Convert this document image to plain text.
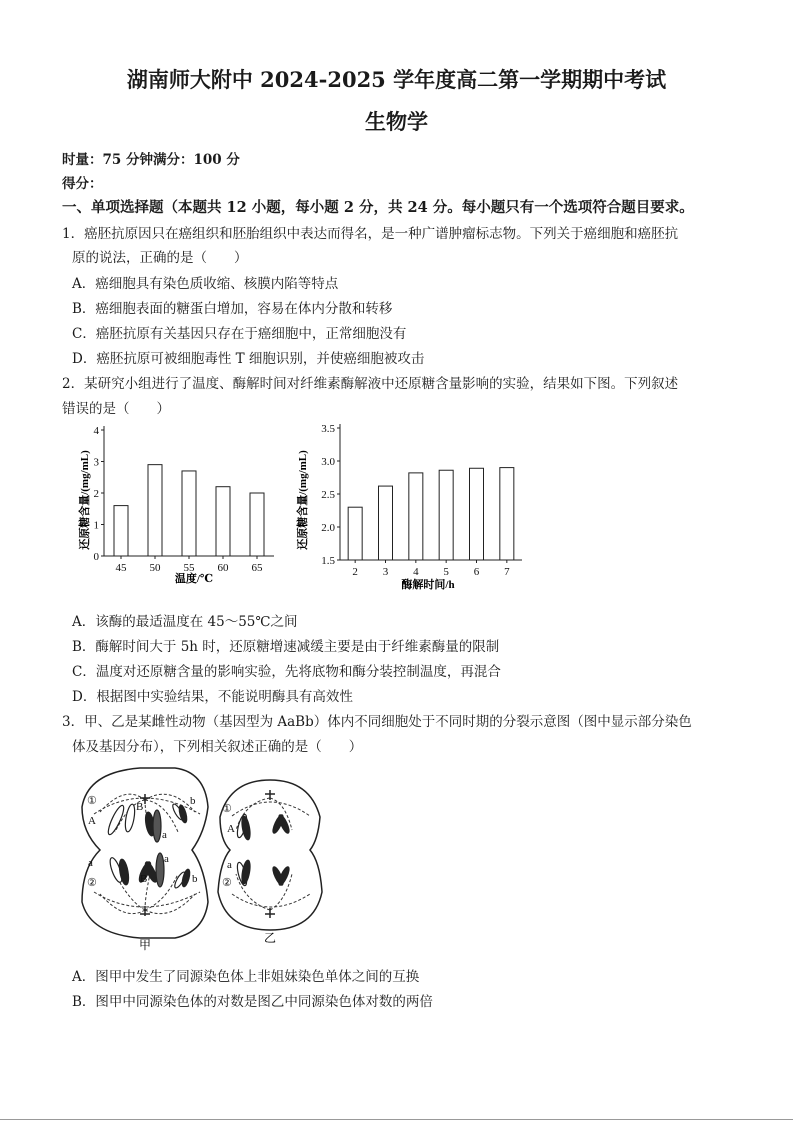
湖南师大附中 2024-2025 学年度高二第一学期期中考试
生物学
时量：75 分钟满分：100 分
得分：
一、单项选择题（本题共 12 小题，每小题 2 分，共 24 分。每小题只有一个选项符合题目要求。
1．癌胚抗原因只在癌组织和胚胎组织中表达而得名，是一种广谱肿瘤标志物。下列关于癌细胞和癌胚抗
原的说法，正确的是（　　）
A．癌细胞具有染色质收缩、核膜内陷等特点
B．癌细胞表面的糖蛋白增加，容易在体内分散和转移
C．癌胚抗原有关基因只存在于癌细胞中，正常细胞没有
D．癌胚抗原可被细胞毒性 T 细胞识别，并使癌细胞被攻击
2．某研究小组进行了温度、酶解时间对纤维素酶解液中还原糖含量影响的实验，结果如下图。下列叙述
错误的是（　　）
还原糖含量/(mg/mL)
温度/℃
0
1
2
3
4
45 50 55 60 65
还原糖含量/(mg/mL)
酶解时间/h
1.5
2.0
2.5
3.0
3.5
2 3 4 5 6 7
A．该酶的最适温度在 45～55℃之间
B．酶解时间大于 5h 时，还原糖增速减缓主要是由于纤维素酶量的限制
C．温度对还原糖含量的影响实验，先将底物和酶分装控制温度，再混合
D．根据图中实验结果，不能说明酶具有高效性
3．甲、乙是某雌性动物（基因型为 AaBb）体内不同细胞处于不同时期的分裂示意图（图中显示部分染色
体及基因分布），下列相关叙述正确的是（　　）
①
A
B
a
b
a
②	B
a
b
①
A
a
②
甲	乙
A．图甲中发生了同源染色体上非姐妹染色单体之间的互换
B．图甲中同源染色体的对数是图乙中同源染色体对数的两倍
